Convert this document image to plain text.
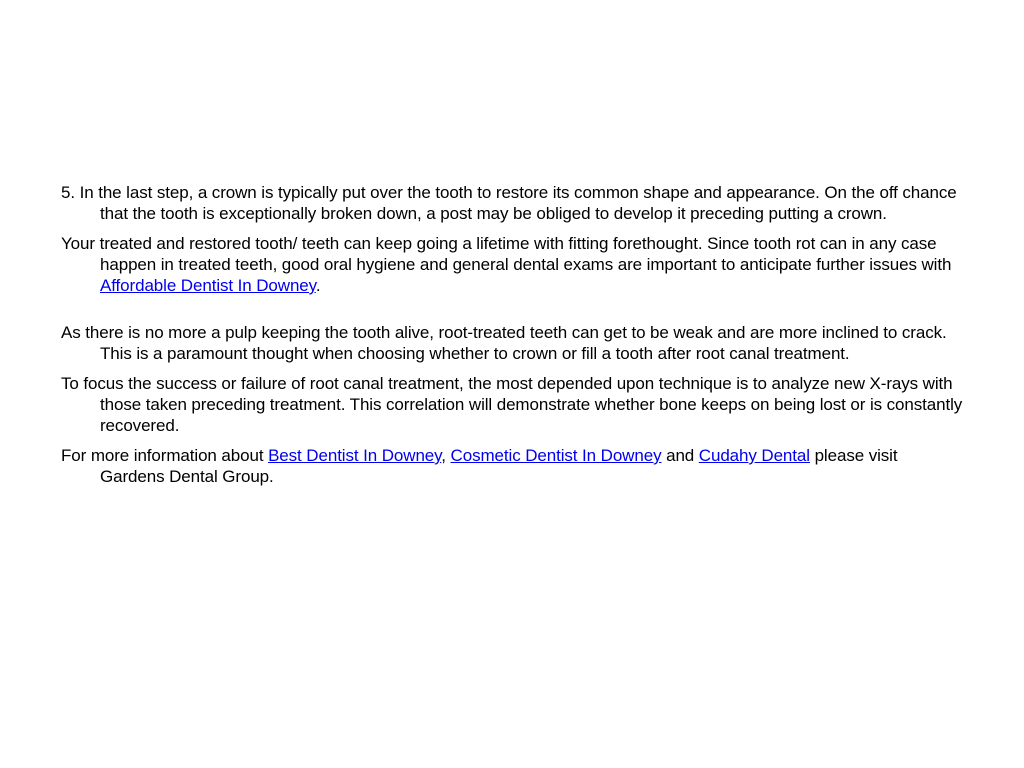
5. In the last step, a crown is typically put over the tooth to restore its common shape and appearance. On the off chance that the tooth is exceptionally broken down, a post may be obliged to develop it preceding putting a crown.

Your treated and restored tooth/ teeth can keep going a lifetime with fitting forethought. Since tooth rot can in any case happen in treated teeth, good oral hygiene and general dental exams are important to anticipate further issues with Affordable Dentist In Downey.

As there is no more a pulp keeping the tooth alive, root-treated teeth can get to be weak and are more inclined to crack. This is a paramount thought when choosing whether to crown or fill a tooth after root canal treatment.

To focus the success or failure of root canal treatment, the most depended upon technique is to analyze new X-rays with those taken preceding treatment. This correlation will demonstrate whether bone keeps on being lost or is constantly recovered.

For more information about Best Dentist In Downey, Cosmetic Dentist In Downey and Cudahy Dental please visit Gardens Dental Group.
